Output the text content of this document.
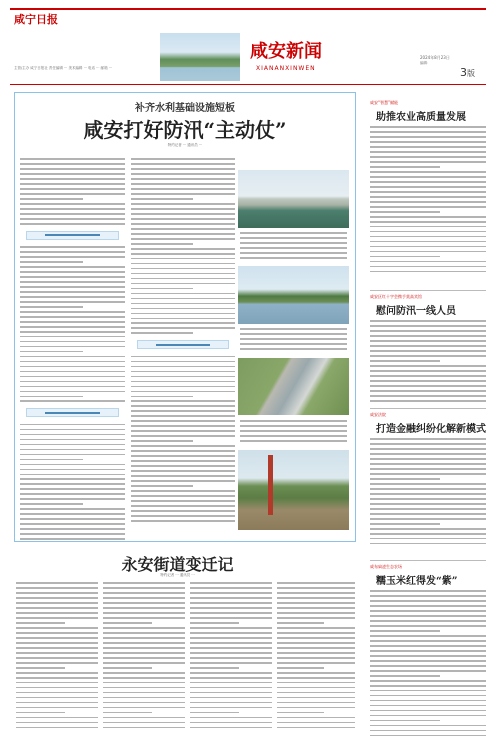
咸宁日报
主管/主办 咸宁日报社 责任编辑 ··· 美术编辑 ··· 电话 ··· 邮箱 ···
咸安新闻
XIANANXINWEN
2024年8月23日
编辑：
3版
补齐水利基础设施短板
咸安打好防汛“主动仗”
特约记者 ··· 通讯员 ···
永安街道变迁记
特约记者 ··· 通讯员 ···
咸安“智慧”赋能
助推农业高质量发展
咸安区红十字会携手莫高宾馆
慰问防汛一线人员
咸安法院
打造金融纠纷化解新模式
咸布扁凌生态农场
糯玉米红得发“紫”
